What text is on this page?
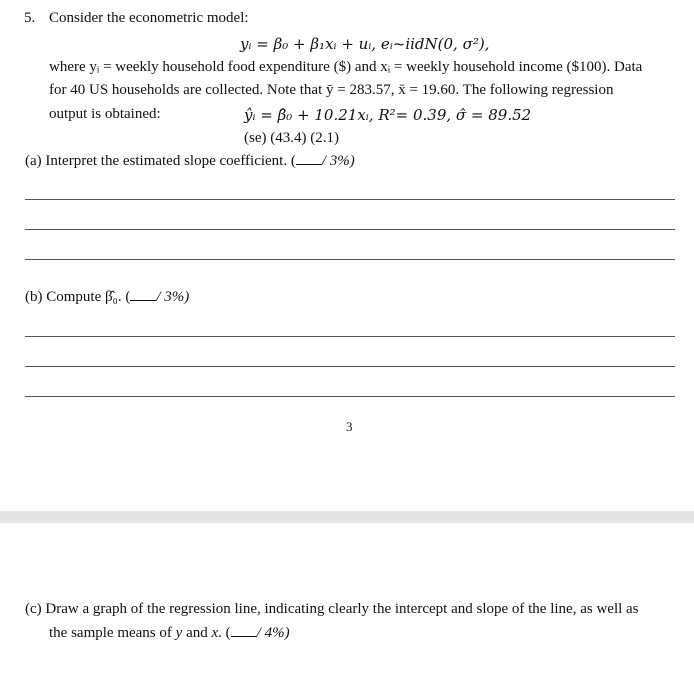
5. Consider the econometric model:
yᵢ = β₀ + β₁xᵢ + uᵢ, eᵢ~iidN(0, σ²),
where yᵢ = weekly household food expenditure ($) and xᵢ = weekly household income ($100). Data
for 40 US households are collected. Note that ȳ = 283.57, x̄ = 19.60. The following regression
output is obtained:	ŷᵢ = β̂₀ + 10.21xᵢ, R²= 0.39, σ̂ = 89.52
(se) (43.4) (2.1)
(a) Interpret the estimated slope coefficient. ( / 3%)
(b) Compute β̂₀. ( / 3%)
3
(c) Draw a graph of the regression line, indicating clearly the intercept and slope of the line, as well as
the sample means of y and x. ( / 4%)
